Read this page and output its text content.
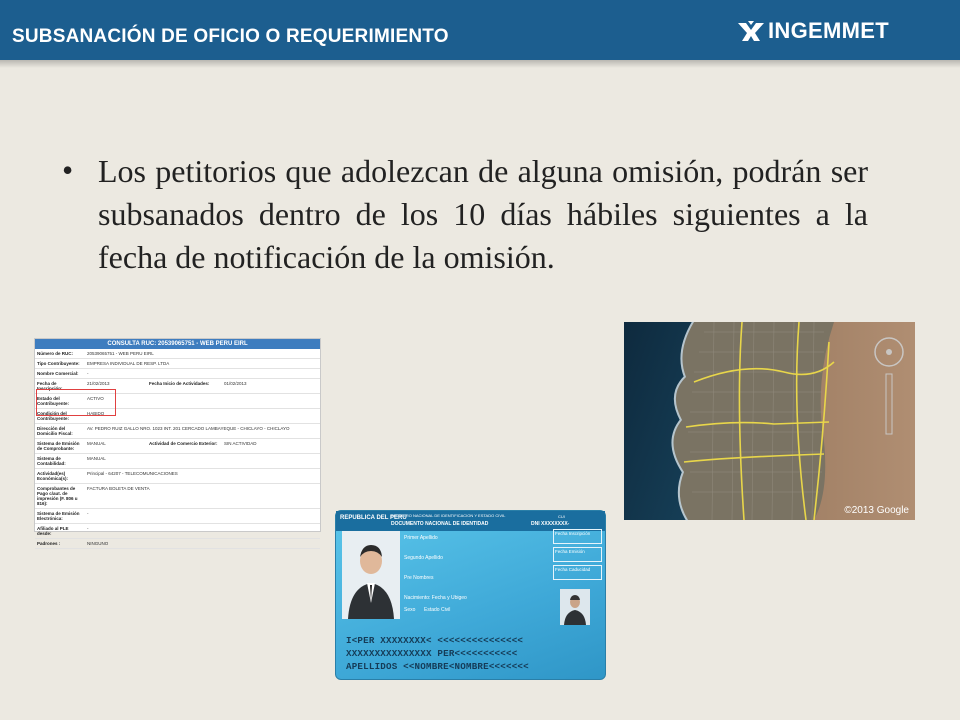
SUBSANACIÓN DE OFICIO O REQUERIMIENTO	INGEMMET
• Los petitorios que adolezcan de alguna omisión, podrán ser subsanados dentro de los 10 días hábiles siguientes a la fecha de notificación de la omisión.
CONSULTA RUC: 20539065751 - WEB PERU EIRL
Número de RUC:	20539065751 - WEB PERU EIRL
Tipo Contribuyente:	EMPRESA INDIVIDUAL DE RESP. LTDA
Nombre Comercial:	-
Fecha de Inscripción:
21/02/2013	Fecha Inicio de Actividades:	01/02/2013
Estado del Contribuyente:
ACTIVO
Condición del Contribuyente:
HABIDO
Dirección del Domicilio Fiscal:
AV. PEDRO RUIZ GALLO NRO. 1023 INT. 201 CERCADO LAMBAYEQUE - CHICLAYO - CHICLAYO
Sistema de Emisión de Comprobante:
MANUAL	Actividad de Comercio Exterior:	SIN ACTIVIDAD
Sistema de Contabilidad:
MANUAL
Actividad(es) Económica(s):
Principal - 64207 - TELECOMUNICACIONES
Comprobantes de Pago c/aut. de impresión (F. 806 u 816):
FACTURA BOLETA DE VENTA
Sistema de Emisión Electrónica:
-
Afiliado al PLE desde:
-
Padrones :	NINGUNO
©2013 Google
REPUBLICA DEL PERU
REGISTRO NACIONAL DE IDENTIFICACION Y ESTADO CIVIL
DOCUMENTO NACIONAL DE IDENTIDAD	DNI XXXXXXXX-
CUI
Primer Apellido
Segundo Apellido
Pre Nombres
Nacimiento: Fecha y Ubigeo
Sexo Estado Civil
Fecha Inscripción
Fecha Emisión
Fecha Caducidad
I<PER XXXXXXXX< <<<<<<<<<<<<<<<
XXXXXXXXXXXXXXX PER<<<<<<<<<<<
APELLIDOS <<NOMBRE<NOMBRE<<<<<<<
